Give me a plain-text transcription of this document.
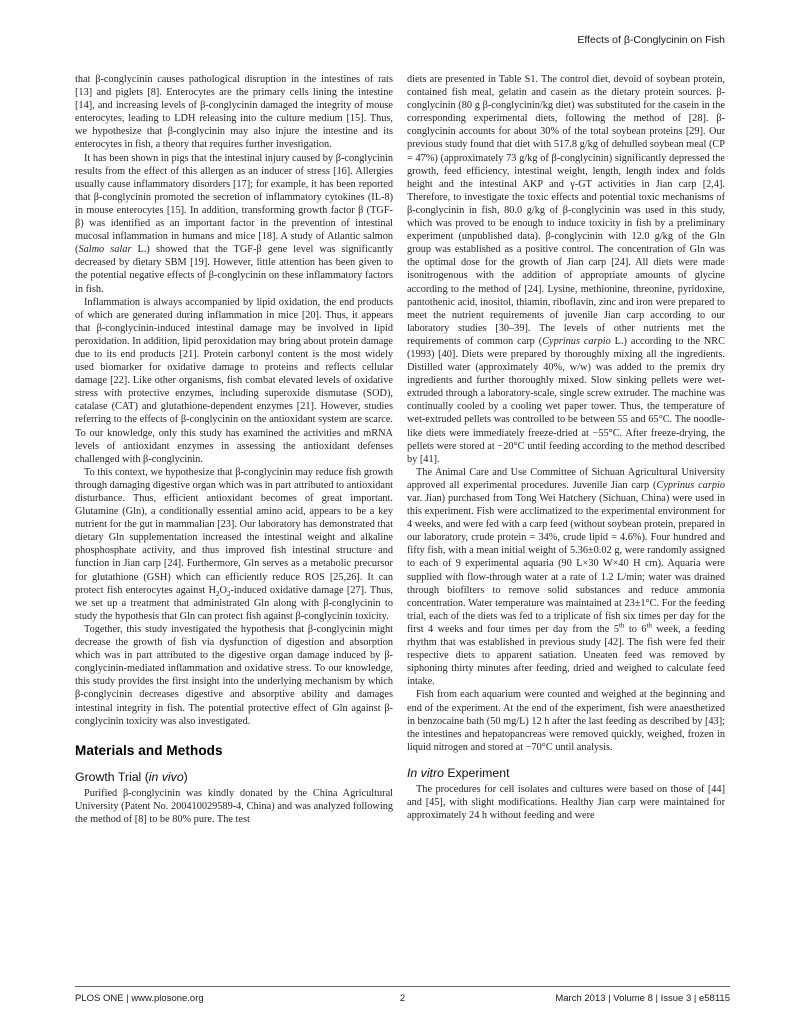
Effects of β-Conglycinin on Fish

that β-conglycinin causes pathological disruption in the intestines of rats [13] and piglets [8]. Enterocytes are the primary cells lining the intestine [14], and increasing levels of β-conglycinin damaged the integrity of mouse enterocytes, leading to LDH releasing into the culture medium [15]. Thus, we hypothesize that β-conglycinin may also injure the intestine and its enterocytes in fish, a theory that requires further investigation.

It has been shown in pigs that the intestinal injury caused by β-conglycinin results from the effect of this allergen as an inducer of stress [16]. Allergies usually cause inflammatory disorders [17]; for example, it has been reported that β-conglycinin promoted the secretion of inflammatory cytokines (IL-8) in mouse enterocytes [15]. In addition, transforming growth factor β (TGF-β) was identified as an important factor in the prevention of intestinal mucosal inflammation in humans and mice [18]. A study of Atlantic salmon (Salmo salar L.) showed that the TGF-β gene level was significantly decreased by dietary SBM [19]. However, little attention has been given to the potential negative effects of β-conglycinin on these inflammatory factors in fish.

Inflammation is always accompanied by lipid oxidation, the end products of which are generated during inflammation in mice [20]. Thus, it appears that β-conglycinin-induced intestinal damage may be involved in lipid peroxidation. In addition, lipid peroxidation may bring about protein damage due to its end products [21]. Protein carbonyl content is the most widely used biomarker for oxidative damage to proteins and reflects cellular damage [22]. Like other organisms, fish combat elevated levels of oxidative stress with protective enzymes, including superoxide dismutase (SOD), catalase (CAT) and glutathione-dependent enzymes [21]. However, studies referring to the effects of β-conglycinin on the antioxidant system are scarce. To our knowledge, only this study has examined the activities and mRNA levels of antioxidant enzymes in assessing the antioxidant defenses challenged with β-conglycinin.

To this context, we hypothesize that β-conglycinin may reduce fish growth through damaging digestive organ which was in part attributed to antioxidant disturbance. Thus, efficient antioxidant becomes of great important. Glutamine (Gln), a conditionally essential amino acid, appears to be a key nutrient for the gut in mammalian [23]. Our laboratory has demonstrated that dietary Gln supplementation increased the intestinal weight and alkaline phosphosphate activity, and thus improved fish intestinal structure and function in Jian carp [24]. Furthermore, Gln serves as a metabolic precursor for glutathione (GSH) which can efficiently reduce ROS [25,26]. It can protect fish enterocytes against $H_2O_2$-induced oxidative damage [27]. Thus, we set up a treatment that administrated Gln along with β-conglycinin to study the hypothesis that Gln can protect fish against β-conglycinin toxicity.

Together, this study investigated the hypothesis that β-conglycinin might decrease the growth of fish via dysfunction of digestion and absorption which was in part attributed to the digestive organ damage induced by β-conglycinin-mediated inflammation and oxidative stress. To our knowledge, this study provides the first insight into the underlying mechanism by which β-conglycinin decreases digestive and absorptive ability and damages intestinal integrity in fish. The potential protective effect of Gln against β-conglycinin toxicity was also investigated.

Materials and Methods
Growth Trial (in vivo)

Purified β-conglycinin was kindly donated by the China Agricultural University (Patent No. 200410029589-4, China) and was analyzed following the method of [8] to be 80% pure. The test

diets are presented in Table S1. The control diet, devoid of soybean protein, contained fish meal, gelatin and casein as the dietary protein sources. β-conglycinin (80 g β-conglycinin/kg diet) was substituted for the casein in the corresponding experimental diets, following the method of [28]. β-conglycinin accounts for about 30% of the total soybean proteins [29]. Our previous study found that diet with 517.8 g/kg of dehulled soybean meal (CP = 47%) (approximately 73 g/kg of β-conglycinin) significantly depressed the growth, feed efficiency, intestinal weight, length, length index and folds height and the intestinal AKP and γ-GT activities in Jian carp [2,4]. Therefore, to investigate the toxic effects and potential toxic mechanisms of β-conglycinin in fish, 80.0 g/kg of β-conglycinin was used in this study, which was proved to be enough to induce toxicity in fish by a preliminary experiment (unpublished data). β-conglycinin with 12.0 g/kg of the Gln group was established as a positive control. The concentration of Gln was the optimal dose for the growth of Jian carp [24]. All diets were made isonitrogenous with the addition of appropriate amounts of glycine according to the method of [24]. Lysine, methionine, threonine, pyridoxine, pantothenic acid, inositol, thiamin, riboflavin, zinc and iron were prepared to meet the nutrient requirements of juvenile Jian carp according to our laboratory studies [30–39]. The levels of other nutrients met the requirements of common carp (Cyprinus carpio L.) according to the NRC (1993) [40]. Diets were prepared by thoroughly mixing all the ingredients. Distilled water (approximately 40%, w/w) was added to the premix dry ingredients and further thoroughly mixed. Slow sinking pellets were wet-extruded through a laboratory-scale, single screw extruder. The machine was continually cooled by a cooling wet paper tower. Thus, the temperature of wet-extruded pellets was controlled to be between 55 and 65°C. The noodle-like diets were immediately freeze-dried at −55°C. After freeze-drying, the pellets were stored at −20°C until feeding according to the method described by [41].

The Animal Care and Use Committee of Sichuan Agricultural University approved all experimental procedures. Juvenile Jian carp (Cyprinus carpio var. Jian) purchased from Tong Wei Hatchery (Sichuan, China) were used in this experiment. Fish were acclimatized to the experimental environment for 4 weeks, and were fed with a carp feed (without soybean protein, prepared in our laboratory, crude protein = 34%, crude lipid = 4.6%). Four hundred and fifty fish, with a mean initial weight of 5.36±0.02 g, were randomly assigned to each of 9 experimental aquaria (90 L×30 W×40 H cm). Aquaria were supplied with flow-through water at a rate of 1.2 L/min; water was drained through biofilters to remove solid substances and reduce ammonia concentration. Water temperature was maintained at 23±1°C. For the feeding trial, each of the diets was fed to a triplicate of fish six times per day for the first 4 weeks and four times per day from the 5th to 6th week, a feeding rhythm that was established in previous study [42]. The fish were fed their respective diets to apparent satiation. Uneaten feed was removed by siphoning thirty minutes after feeding, dried and weighed to calculate feed intake.

Fish from each aquarium were counted and weighed at the beginning and end of the experiment. At the end of the experiment, fish were anaesthetized in benzocaine bath (50 mg/L) 12 h after the last feeding as described by [43]; the intestines and hepatopancreas were removed quickly, weighed, frozen in liquid nitrogen and stored at −70°C until analysis.

In vitro Experiment

The procedures for cell isolates and cultures were based on those of [44] and [45], with slight modifications. Healthy Jian carp were maintained for approximately 24 h without feeding and were

PLOS ONE | www.plosone.org	2	March 2013 | Volume 8 | Issue 3 | e58115
